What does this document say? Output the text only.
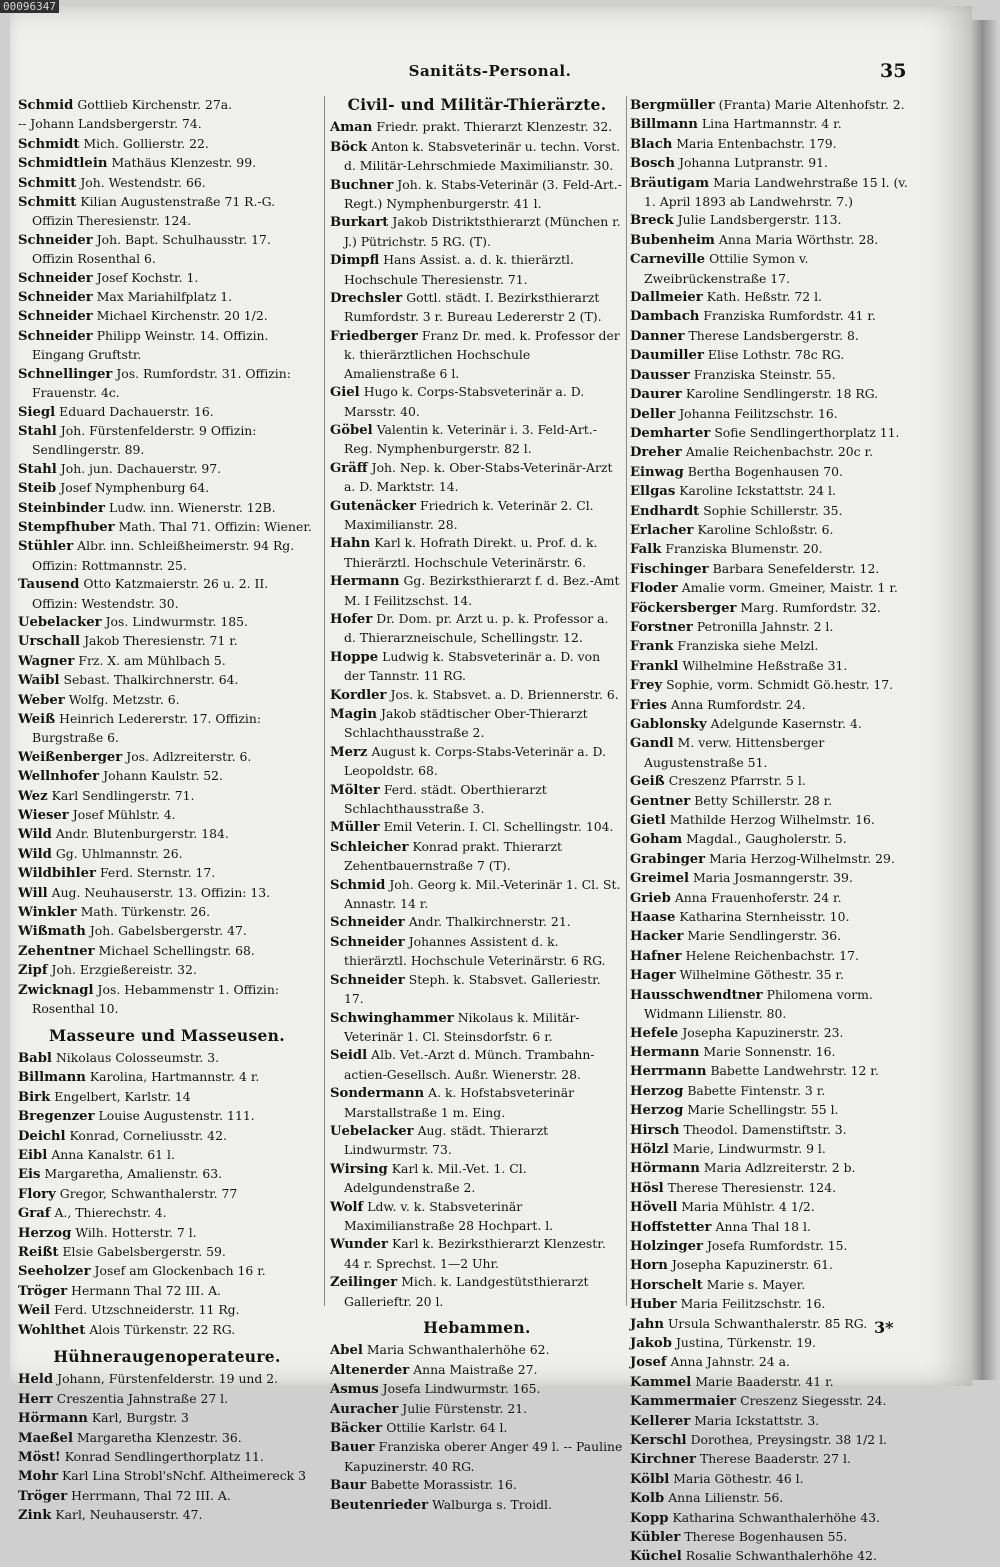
00096347
Sanitäts-Personal.	35
Schmid Gottlieb Kirchenstr. 27a.
-- Johann Landsbergerstr. 74.
Schmidt Mich. Gollierstr. 22.
Schmidtlein Mathäus Klenzestr. 99.
Schmitt Joh. Westendstr. 66.
Schmitt Kilian Augustenstraße 71 R.-G. Offizin Theresienstr. 124.
Schneider Joh. Bapt. Schulhausstr. 17. Offizin Rosenthal 6.
Schneider Josef Kochstr. 1.
Schneider Max Mariahilfplatz 1.
Schneider Michael Kirchenstr. 20 1/2.
Schneider Philipp Weinstr. 14. Offizin. Eingang Gruftstr.
Schnellinger Jos. Rumfordstr. 31. Offizin: Frauenstr. 4c.
Siegl Eduard Dachauerstr. 16.
Stahl Joh. Fürstenfelderstr. 9 Offizin: Sendlingerstr. 89.
Stahl Joh. jun. Dachauerstr. 97.
Steib Josef Nymphenburg 64.
Steinbinder Ludw. inn. Wienerstr. 12B.
Stempfhuber Math. Thal 71. Offizin: Wiener.
Stühler Albr. inn. Schleißheimerstr. 94 Rg. Offizin: Rottmannstr. 25.
Tausend Otto Katzmaierstr. 26 u. 2. II. Offizin: Westendstr. 30.
Uebelacker Jos. Lindwurmstr. 185.
Urschall Jakob Theresienstr. 71 r.
Wagner Frz. X. am Mühlbach 5.
Waibl Sebast. Thalkirchnerstr. 64.
Weber Wolfg. Metzstr. 6.
Weiß Heinrich Ledererstr. 17. Offizin: Burgstraße 6.
Weißenberger Jos. Adlzreiterstr. 6.
Wellnhofer Johann Kaulstr. 52.
Wez Karl Sendlingerstr. 71.
Wieser Josef Mühlstr. 4.
Wild Andr. Blutenburgerstr. 184.
Wild Gg. Uhlmannstr. 26.
Wildbihler Ferd. Sternstr. 17.
Will Aug. Neuhauserstr. 13. Offizin: 13.
Winkler Math. Türkenstr. 26.
Wißmath Joh. Gabelsbergerstr. 47.
Zehentner Michael Schellingstr. 68.
Zipf Joh. Erzgießereistr. 32.
Zwicknagl Jos. Hebammenstr 1. Offizin: Rosenthal 10.
Masseure und Masseusen.
Babl Nikolaus Colosseumstr. 3.
Billmann Karolina, Hartmannstr. 4 r.
Birk Engelbert, Karlstr. 14
Bregenzer Louise Augustenstr. 111.
Deichl Konrad, Corneliusstr. 42.
Eibl Anna Kanalstr. 61 l.
Eis Margaretha, Amalienstr. 63.
Flory Gregor, Schwanthalerstr. 77
Graf A., Thierechstr. 4.
Herzog Wilh. Hotterstr. 7 l.
Reißt Elsie Gabelsbergerstr. 59.
Seeholzer Josef am Glockenbach 16 r.
Tröger Hermann Thal 72 III. A.
Weil Ferd. Utzschneiderstr. 11 Rg.
Wohlthet Alois Türkenstr. 22 RG.
Hühneraugenoperateure.
Held Johann, Fürstenfelderstr. 19 und 2.
Herr Creszentia Jahnstraße 27 l.
Hörmann Karl, Burgstr. 3
Maeßel Margaretha Klenzestr. 36.
Möst! Konrad Sendlingerthorplatz 11.
Mohr Karl Lina Strobl'sNchf. Altheimereck 3
Tröger Herrmann, Thal 72 III. A.
Zink Karl, Neuhauserstr. 47.
Civil- und Militär-Thierärzte.
Aman Friedr. prakt. Thierarzt Klenzestr. 32.
Böck Anton k. Stabsveterinär u. techn. Vorst. d. Militär-Lehrschmiede Maximilianstr. 30.
Buchner Joh. k. Stabs-Veterinär (3. Feld-Art.-Regt.) Nymphenburgerstr. 41 l.
Burkart Jakob Distriktsthierarzt (München r. J.) Pütrichstr. 5 RG. (T).
Dimpfl Hans Assist. a. d. k. thierärztl. Hochschule Theresienstr. 71.
Drechsler Gottl. städt. I. Bezirksthierarzt Rumfordstr. 3 r. Bureau Ledererstr 2 (T).
Friedberger Franz Dr. med. k. Professor der k. thierärztlichen Hochschule Amalienstraße 6 l.
Giel Hugo k. Corps-Stabsveterinär a. D. Marsstr. 40.
Göbel Valentin k. Veterinär i. 3. Feld-Art.-Reg. Nymphenburgerstr. 82 l.
Gräff Joh. Nep. k. Ober-Stabs-Veterinär-Arzt a. D. Marktstr. 14.
Gutenäcker Friedrich k. Veterinär 2. Cl. Maximilianstr. 28.
Hahn Karl k. Hofrath Direkt. u. Prof. d. k. Thierärztl. Hochschule Veterinärstr. 6.
Hermann Gg. Bezirksthierarzt f. d. Bez.-Amt M. I Feilitzschst. 14.
Hofer Dr. Dom. pr. Arzt u. p. k. Professor a. d. Thierarzneischule, Schellingstr. 12.
Hoppe Ludwig k. Stabsveterinär a. D. von der Tannstr. 11 RG.
Kordler Jos. k. Stabsvet. a. D. Briennerstr. 6.
Magin Jakob städtischer Ober-Thierarzt Schlachthausstraße 2.
Merz August k. Corps-Stabs-Veterinär a. D. Leopoldstr. 68.
Mölter Ferd. städt. Oberthierarzt Schlachthausstraße 3.
Müller Emil Veterin. I. Cl. Schellingstr. 104.
Schleicher Konrad prakt. Thierarzt Zehentbauernstraße 7 (T).
Schmid Joh. Georg k. Mil.-Veterinär 1. Cl. St. Annastr. 14 r.
Schneider Andr. Thalkirchnerstr. 21.
Schneider Johannes Assistent d. k. thierärztl. Hochschule Veterinärstr. 6 RG.
Schneider Steph. k. Stabsvet. Galleriestr. 17.
Schwinghammer Nikolaus k. Militär-Veterinär 1. Cl. Steinsdorfstr. 6 r.
Seidl Alb. Vet.-Arzt d. Münch. Trambahn-actien-Gesellsch. Außr. Wienerstr. 28.
Sondermann A. k. Hofstabsveterinär Marstallstraße 1 m. Eing.
Uebelacker Aug. städt. Thierarzt Lindwurmstr. 73.
Wirsing Karl k. Mil.-Vet. 1. Cl. Adelgundenstraße 2.
Wolf Ldw. v. k. Stabsveterinär Maximilianstraße 28 Hochpart. l.
Wunder Karl k. Bezirksthierarzt Klenzestr. 44 r. Sprechst. 1—2 Uhr.
Zeilinger Mich. k. Landgestütsthierarzt Gallerieftr. 20 l.
Hebammen.
Abel Maria Schwanthalerhöhe 62.
Altenerder Anna Maistraße 27.
Asmus Josefa Lindwurmstr. 165.
Auracher Julie Fürstenstr. 21.
Bäcker Ottilie Karlstr. 64 l.
Bauer Franziska oberer Anger 49 l. -- Pauline Kapuzinerstr. 40 RG.
Baur Babette Morassistr. 16.
Beutenrieder Walburga s. Troidl.
Bergmüller (Franta) Marie Altenhofstr. 2.
Billmann Lina Hartmannstr. 4 r.
Blach Maria Entenbachstr. 179.
Bosch Johanna Lutpranstr. 91.
Bräutigam Maria Landwehrstraße 15 l. (v. 1. April 1893 ab Landwehrstr. 7.)
Breck Julie Landsbergerstr. 113.
Bubenheim Anna Maria Wörthstr. 28.
Carneville Ottilie Symon v. Zweibrückenstraße 17.
Dallmeier Kath. Heßstr. 72 l.
Dambach Franziska Rumfordstr. 41 r.
Danner Therese Landsbergerstr. 8.
Daumiller Elise Lothstr. 78c RG.
Dausser Franziska Steinstr. 55.
Daurer Karoline Sendlingerstr. 18 RG.
Deller Johanna Feilitzschstr. 16.
Demharter Sofie Sendlingerthorplatz 11.
Dreher Amalie Reichenbachstr. 20c r.
Einwag Bertha Bogenhausen 70.
Ellgas Karoline Ickstattstr. 24 l.
Endhardt Sophie Schillerstr. 35.
Erlacher Karoline Schloßstr. 6.
Falk Franziska Blumenstr. 20.
Fischinger Barbara Senefelderstr. 12.
Floder Amalie vorm. Gmeiner, Maistr. 1 r.
Föckersberger Marg. Rumfordstr. 32.
Forstner Petronilla Jahnstr. 2 l.
Frank Franziska siehe Melzl.
Frankl Wilhelmine Heßstraße 31.
Frey Sophie, vorm. Schmidt Gö.hestr. 17.
Fries Anna Rumfordstr. 24.
Gablonsky Adelgunde Kasernstr. 4.
Gandl M. verw. Hittensberger Augustenstraße 51.
Geiß Creszenz Pfarrstr. 5 l.
Gentner Betty Schillerstr. 28 r.
Gietl Mathilde Herzog Wilhelmstr. 16.
Goham Magdal., Gaugholerstr. 5.
Grabinger Maria Herzog-Wilhelmstr. 29.
Greimel Maria Josmanngerstr. 39.
Grieb Anna Frauenhoferstr. 24 r.
Haase Katharina Sternheisstr. 10.
Hacker Marie Sendlingerstr. 36.
Hafner Helene Reichenbachstr. 17.
Hager Wilhelmine Göthestr. 35 r.
Hausschwendtner Philomena vorm. Widmann Lilienstr. 80.
Hefele Josepha Kapuzinerstr. 23.
Hermann Marie Sonnenstr. 16.
Herrmann Babette Landwehrstr. 12 r.
Herzog Babette Fintenstr. 3 r.
Herzog Marie Schellingstr. 55 l.
Hirsch Theodol. Damenstiftstr. 3.
Hölzl Marie, Lindwurmstr. 9 l.
Hörmann Maria Adlzreiterstr. 2 b.
Hösl Therese Theresienstr. 124.
Hövell Maria Mühlstr. 4 1/2.
Hoffstetter Anna Thal 18 l.
Holzinger Josefa Rumfordstr. 15.
Horn Josepha Kapuzinerstr. 61.
Horschelt Marie s. Mayer.
Huber Maria Feilitzschstr. 16.
Jahn Ursula Schwanthalerstr. 85 RG.
Jakob Justina, Türkenstr. 19.
Josef Anna Jahnstr. 24 a.
Kammel Marie Baaderstr. 41 r.
Kammermaier Creszenz Siegesstr. 24.
Kellerer Maria Ickstattstr. 3.
Kerschl Dorothea, Preysingstr. 38 1/2 l.
Kirchner Therese Baaderstr. 27 l.
Kölbl Maria Göthestr. 46 l.
Kolb Anna Lilienstr. 56.
Kopp Katharina Schwanthalerhöhe 43.
Kübler Therese Bogenhausen 55.
Küchel Rosalie Schwanthalerhöhe 42.
3*
